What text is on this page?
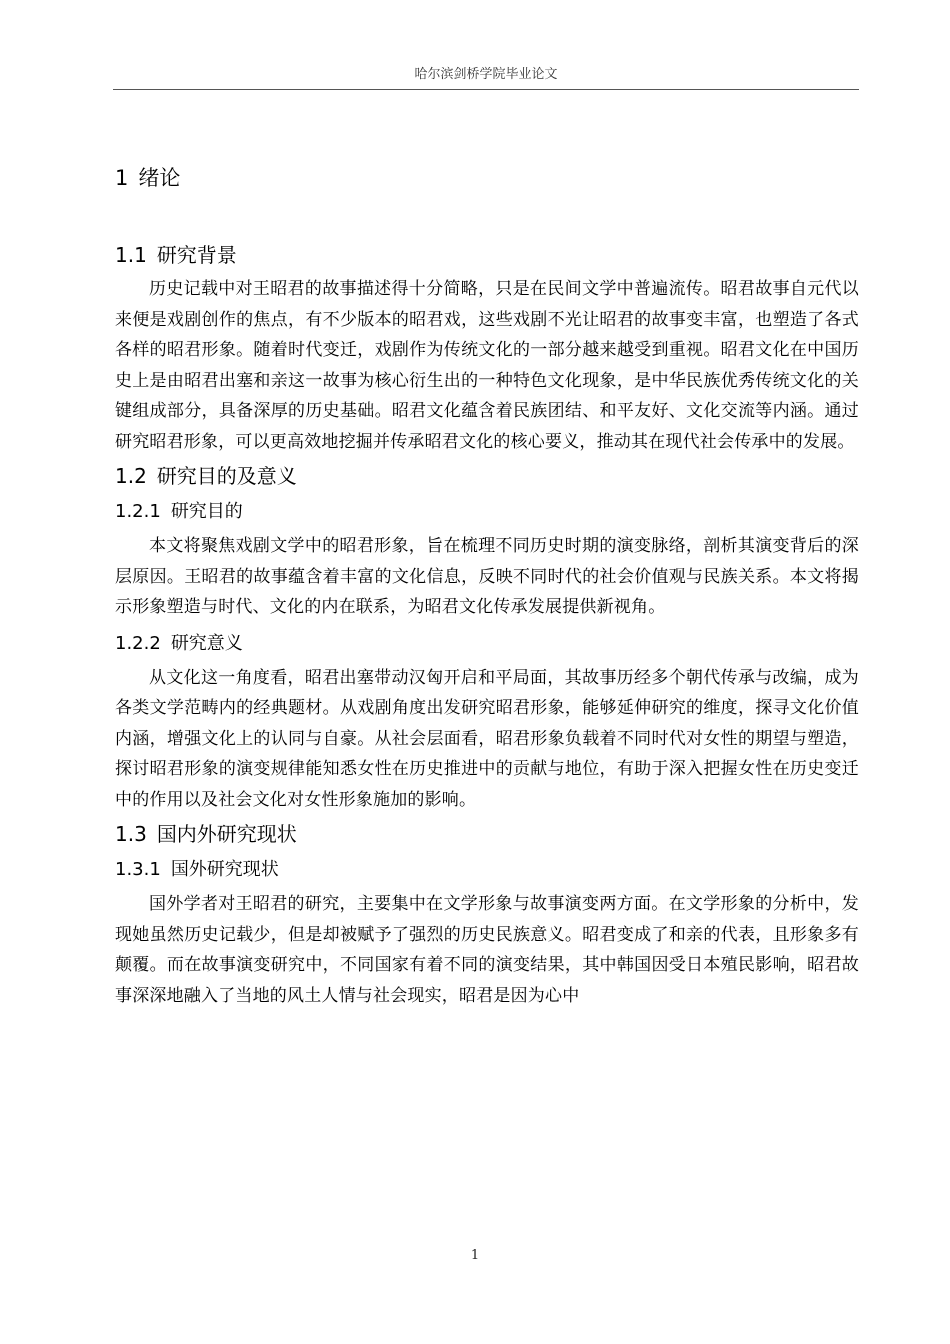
哈尔滨剑桥学院毕业论文
1 绪论
1.1 研究背景

历史记载中对王昭君的故事描述得十分简略，只是在民间文学中普遍流传。昭君故事自元代以来便是戏剧创作的焦点，有不少版本的昭君戏，这些戏剧不光让昭君的故事变丰富，也塑造了各式各样的昭君形象。随着时代变迁，戏剧作为传统文化的一部分越来越受到重视。昭君文化在中国历史上是由昭君出塞和亲这一故事为核心衍生出的一种特色文化现象，是中华民族优秀传统文化的关键组成部分，具备深厚的历史基础。昭君文化蕴含着民族团结、和平友好、文化交流等内涵。通过研究昭君形象，可以更高效地挖掘并传承昭君文化的核心要义，推动其在现代社会传承中的发展。

1.2 研究目的及意义
1.2.1 研究目的

本文将聚焦戏剧文学中的昭君形象，旨在梳理不同历史时期的演变脉络，剖析其演变背后的深层原因。王昭君的故事蕴含着丰富的文化信息，反映不同时代的社会价值观与民族关系。本文将揭示形象塑造与时代、文化的内在联系，为昭君文化传承发展提供新视角。

1.2.2 研究意义

从文化这一角度看，昭君出塞带动汉匈开启和平局面，其故事历经多个朝代传承与改编，成为各类文学范畴内的经典题材。从戏剧角度出发研究昭君形象，能够延伸研究的维度，探寻文化价值内涵，增强文化上的认同与自豪。从社会层面看，昭君形象负载着不同时代对女性的期望与塑造，探讨昭君形象的演变规律能知悉女性在历史推进中的贡献与地位，有助于深入把握女性在历史变迁中的作用以及社会文化对女性形象施加的影响。

1.3 国内外研究现状
1.3.1 国外研究现状

国外学者对王昭君的研究，主要集中在文学形象与故事演变两方面。在文学形象的分析中，发现她虽然历史记载少，但是却被赋予了强烈的历史民族意义。昭君变成了和亲的代表，且形象多有颠覆。而在故事演变研究中，不同国家有着不同的演变结果，其中韩国因受日本殖民影响，昭君故事深深地融入了当地的风土人情与社会现实，昭君是因为心中

1
